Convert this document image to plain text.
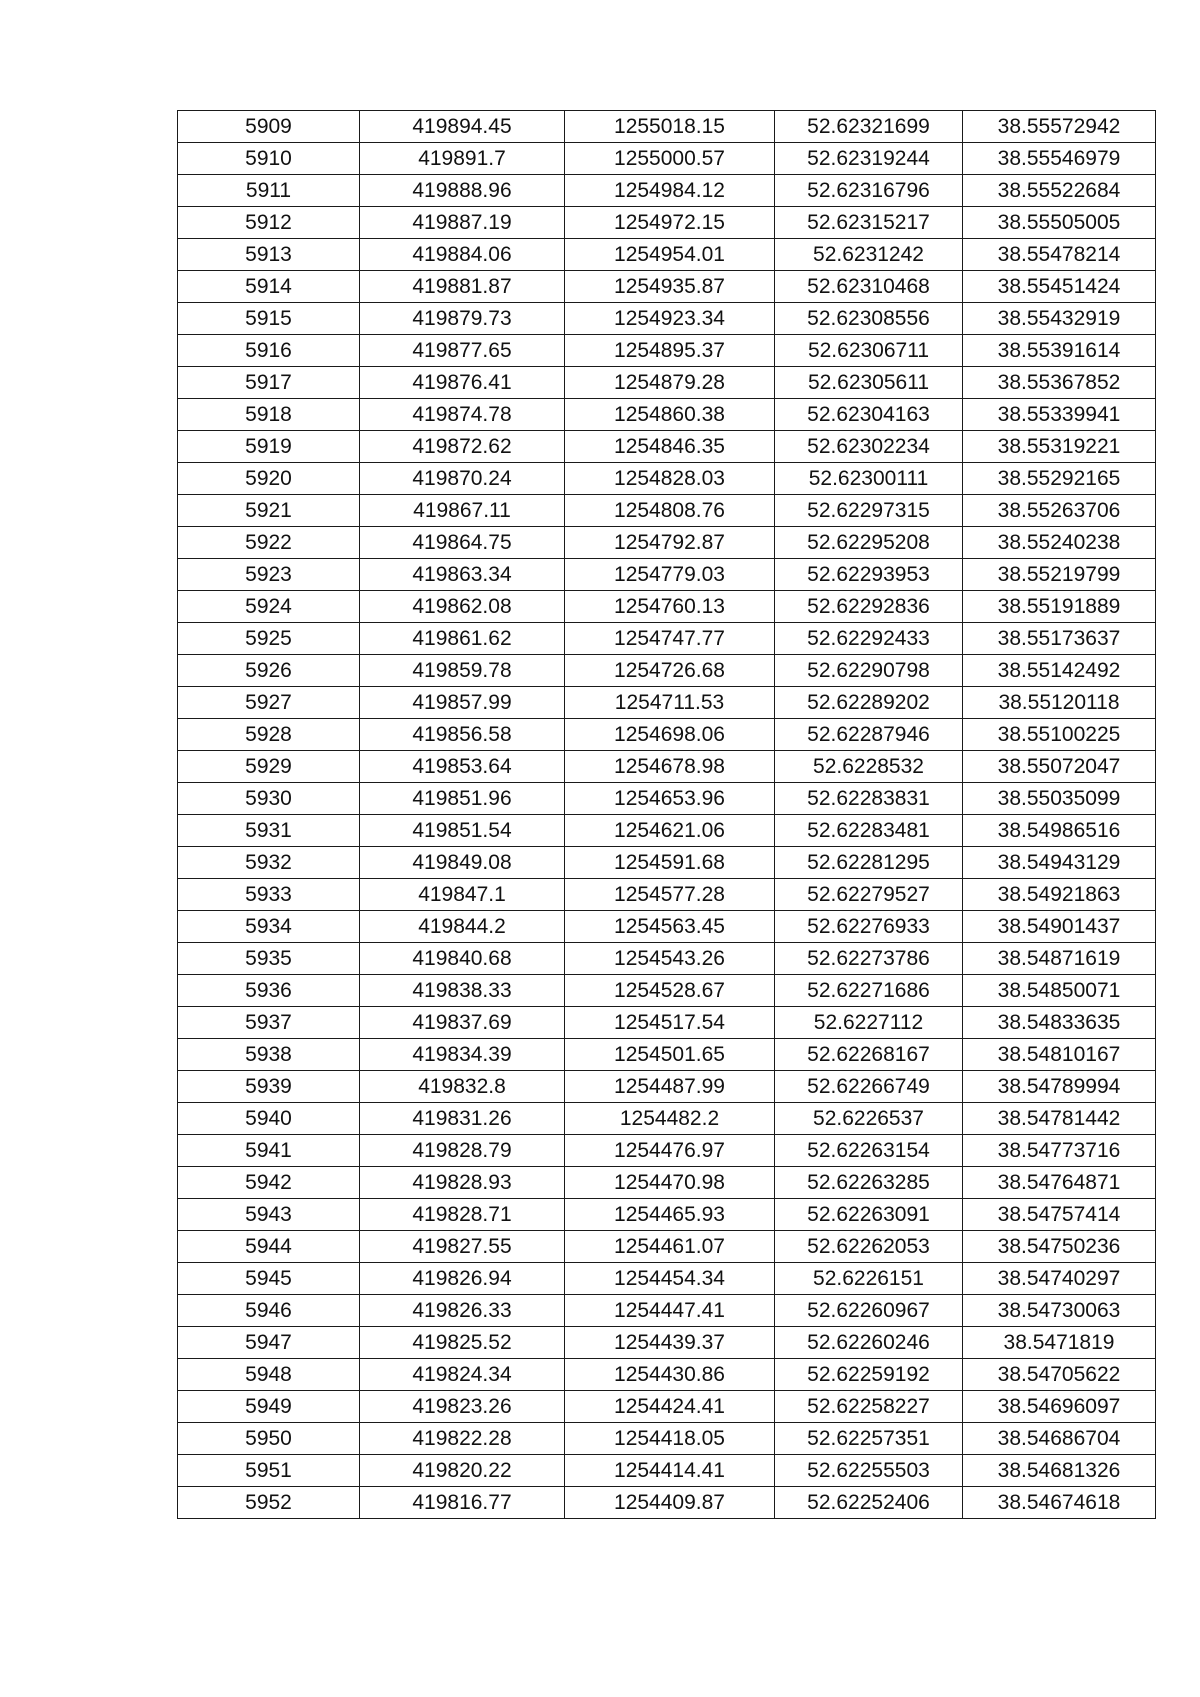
5909	419894.45	1255018.15	52.62321699	38.55572942
5910	419891.7	1255000.57	52.62319244	38.55546979
5911	419888.96	1254984.12	52.62316796	38.55522684
5912	419887.19	1254972.15	52.62315217	38.55505005
5913	419884.06	1254954.01	52.6231242	38.55478214
5914	419881.87	1254935.87	52.62310468	38.55451424
5915	419879.73	1254923.34	52.62308556	38.55432919
5916	419877.65	1254895.37	52.62306711	38.55391614
5917	419876.41	1254879.28	52.62305611	38.55367852
5918	419874.78	1254860.38	52.62304163	38.55339941
5919	419872.62	1254846.35	52.62302234	38.55319221
5920	419870.24	1254828.03	52.62300111	38.55292165
5921	419867.11	1254808.76	52.62297315	38.55263706
5922	419864.75	1254792.87	52.62295208	38.55240238
5923	419863.34	1254779.03	52.62293953	38.55219799
5924	419862.08	1254760.13	52.62292836	38.55191889
5925	419861.62	1254747.77	52.62292433	38.55173637
5926	419859.78	1254726.68	52.62290798	38.55142492
5927	419857.99	1254711.53	52.62289202	38.55120118
5928	419856.58	1254698.06	52.62287946	38.55100225
5929	419853.64	1254678.98	52.6228532	38.55072047
5930	419851.96	1254653.96	52.62283831	38.55035099
5931	419851.54	1254621.06	52.62283481	38.54986516
5932	419849.08	1254591.68	52.62281295	38.54943129
5933	419847.1	1254577.28	52.62279527	38.54921863
5934	419844.2	1254563.45	52.62276933	38.54901437
5935	419840.68	1254543.26	52.62273786	38.54871619
5936	419838.33	1254528.67	52.62271686	38.54850071
5937	419837.69	1254517.54	52.6227112	38.54833635
5938	419834.39	1254501.65	52.62268167	38.54810167
5939	419832.8	1254487.99	52.62266749	38.54789994
5940	419831.26	1254482.2	52.6226537	38.54781442
5941	419828.79	1254476.97	52.62263154	38.54773716
5942	419828.93	1254470.98	52.62263285	38.54764871
5943	419828.71	1254465.93	52.62263091	38.54757414
5944	419827.55	1254461.07	52.62262053	38.54750236
5945	419826.94	1254454.34	52.6226151	38.54740297
5946	419826.33	1254447.41	52.62260967	38.54730063
5947	419825.52	1254439.37	52.62260246	38.5471819
5948	419824.34	1254430.86	52.62259192	38.54705622
5949	419823.26	1254424.41	52.62258227	38.54696097
5950	419822.28	1254418.05	52.62257351	38.54686704
5951	419820.22	1254414.41	52.62255503	38.54681326
5952	419816.77	1254409.87	52.62252406	38.54674618
